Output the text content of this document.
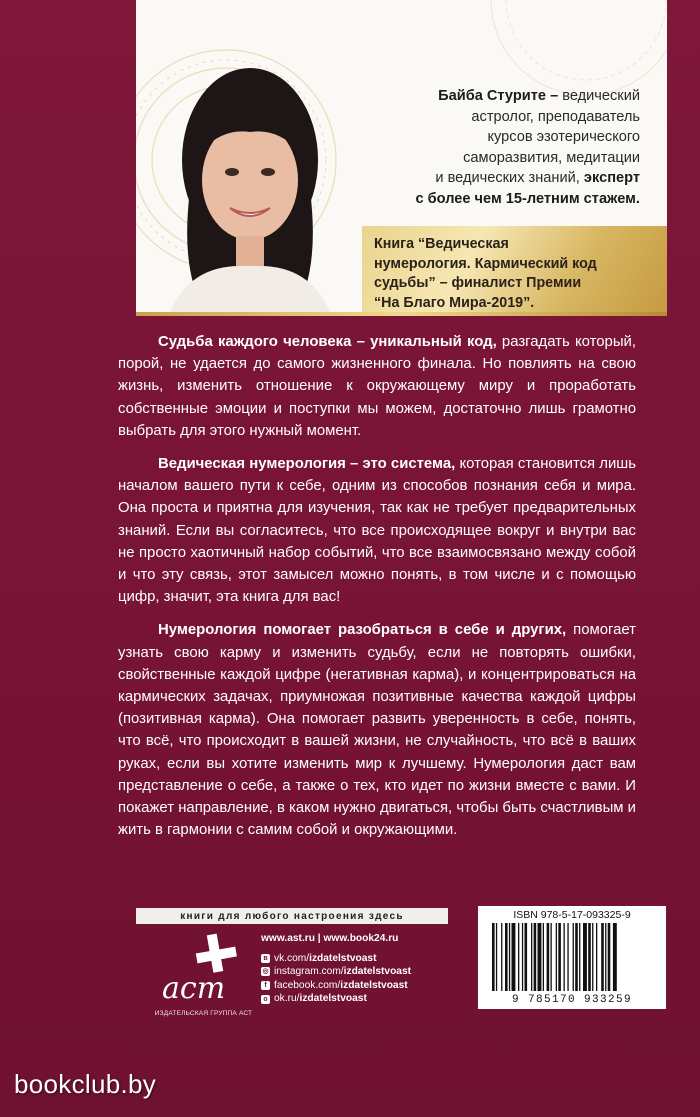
Байба Стурите – ведический
астролог, преподаватель
курсов эзотерического
саморазвития, медитации
и ведических знаний, эксперт
с более чем 15-летним стажем.
Книга “Ведическая
нумерология. Кармический код
судьбы” – финалист Премии
“На Благо Мира-2019”.

Судьба каждого человека – уникальный код, разгадать который, порой, не удается до самого жизненного финала. Но повлиять на свою жизнь, изменить отношение к окружающему миру и проработать собственные эмоции и поступки мы можем, достаточно лишь грамотно выбрать для этого нужный момент.

Ведическая нумерология – это система, которая становится лишь началом вашего пути к себе, одним из способов познания себя и мира. Она проста и приятна для изучения, так как не требует предварительных знаний. Если вы согласитесь, что все происходящее вокруг и внутри вас не просто хаотичный набор событий, что все взаимосвязано между собой и что эту связь, этот замысел можно понять, в том числе и с помощью цифр, значит, эта книга для вас!

Нумерология помогает разобраться в себе и других, помогает узнать свою карму и изменить судьбу, если не повторять ошибки, свойственные каждой цифре (негативная карма), и концентрироваться на кармических задачах, приумножая позитивные качества каждой цифры (позитивная карма). Она помогает развить уверенность в себе, понять, что всё, что происходит в вашей жизни, не случайность, что всё в ваших руках, если вы хотите изменить мир к лучшему. Нумерология даст вам представление о себе, а также о тех, кто идет по жизни вместе с вами. И покажет направление, в каком нужно двигаться, чтобы быть счастливым и жить в гармонии с самим собой и окружающими.

книги для любого настроения здесь
аст
ИЗДАТЕЛЬСКАЯ ГРУППА АСТ
www.ast.ru | www.book24.ru
в vk.com/izdatelstvoast
◎ instagram.com/izdatelstvoast
f facebook.com/izdatelstvoast
о ok.ru/izdatelstvoast
ISBN 978-5-17-093325-9
9 785170 933259
bookclub.by
